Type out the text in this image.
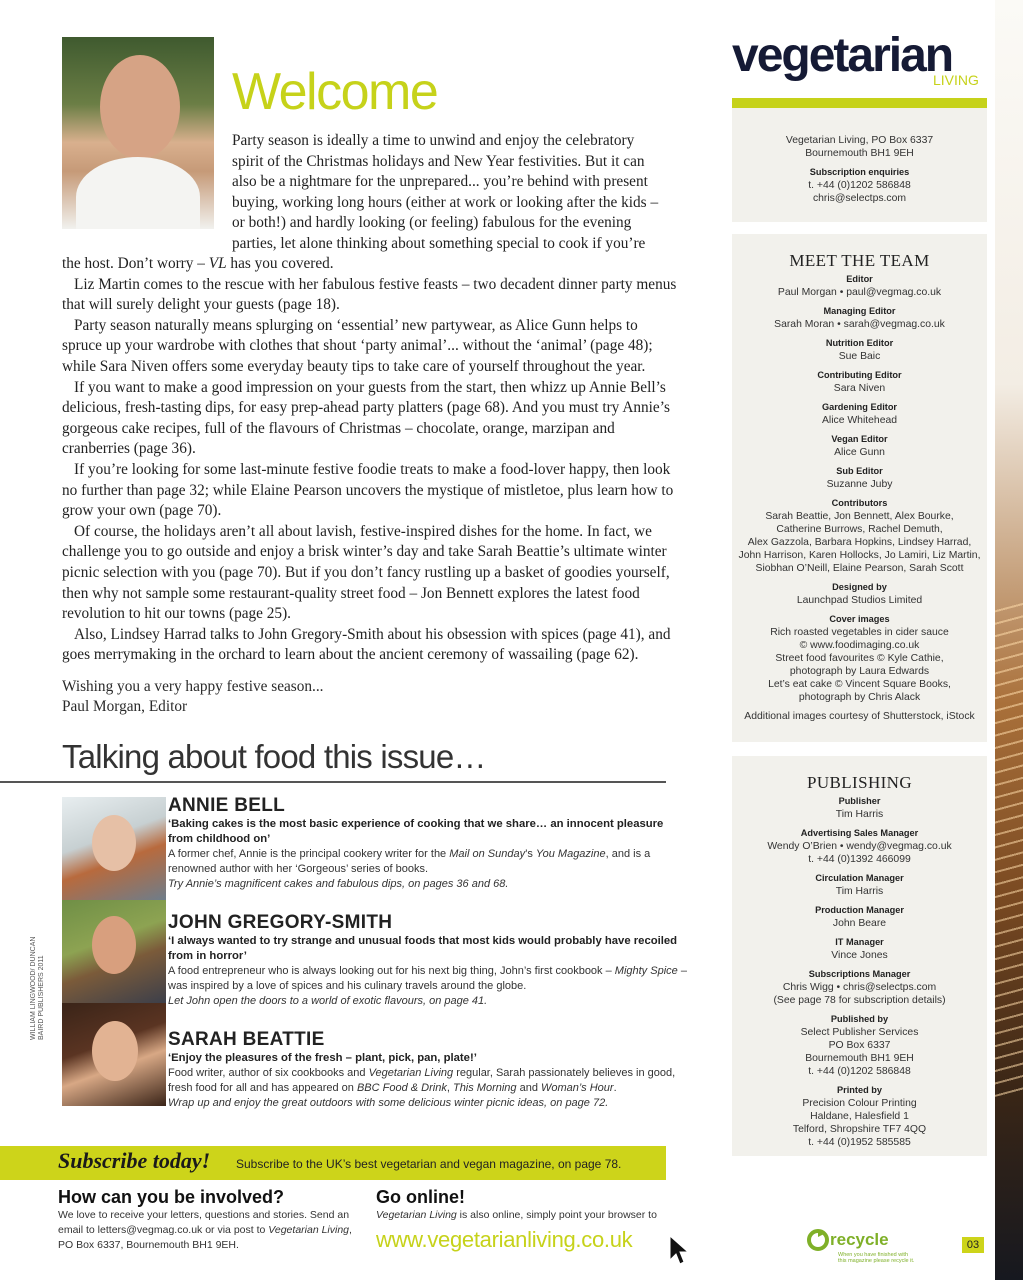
Welcome

Party season is ideally a time to unwind and enjoy the celebratory spirit of the Christmas holidays and New Year festivities. But it can also be a nightmare for the unprepared... you’re behind with present buying, working long hours (either at work or looking after the kids – or both!) and hardly looking (or feeling) fabulous for the evening parties, let alone thinking about something special to cook if you’re

the host. Don’t worry – VL has you covered.

Liz Martin comes to the rescue with her fabulous festive feasts – two decadent dinner party menus that will surely delight your guests (page 18).

Party season naturally means splurging on ‘essential’ new partywear, as Alice Gunn helps to spruce up your wardrobe with clothes that shout ‘party animal’... without the ‘animal’ (page 48); while Sara Niven offers some everyday beauty tips to take care of yourself throughout the year.

If you want to make a good impression on your guests from the start, then whizz up Annie Bell’s delicious, fresh-tasting dips, for easy prep-ahead party platters (page 68). And you must try Annie’s gorgeous cake recipes, full of the flavours of Christmas – chocolate, orange, marzipan and cranberries (page 36).

If you’re looking for some last-minute festive foodie treats to make a food-lover happy, then look no further than page 32; while Elaine Pearson uncovers the mystique of mistletoe, plus learn how to grow your own (page 70).

Of course, the holidays aren’t all about lavish, festive-inspired dishes for the home. In fact, we challenge you to go outside and enjoy a brisk winter’s day and take Sarah Beattie’s ultimate winter picnic selection with you (page 70). But if you don’t fancy rustling up a basket of goodies yourself, then why not sample some restaurant-quality street food – Jon Bennett explores the latest food revolution to hit our towns (page 25).

Also, Lindsey Harrad talks to John Gregory-Smith about his obsession with spices (page 41), and goes merrymaking in the orchard to learn about the ancient ceremony of wassailing (page 62).

Wishing you a very happy festive season...
Paul Morgan, Editor
Talking about food this issue…
WILLIAM LINGWOOD/ DUNCAN BAIRD PUBLISHERS 2011
ANNIE BELL
‘Baking cakes is the most basic experience of cooking that we share… an innocent pleasure from childhood on’
A former chef, Annie is the principal cookery writer for the Mail on Sunday’s You Magazine, and is a renowned author with her ‘Gorgeous’ series of books.
Try Annie’s magnificent cakes and fabulous dips, on pages 36 and 68.
JOHN GREGORY-SMITH
‘I always wanted to try strange and unusual foods that most kids would probably have recoiled from in horror’
A food entrepreneur who is always looking out for his next big thing, John’s first cookbook – Mighty Spice – was inspired by a love of spices and his culinary travels around the globe.
Let John open the doors to a world of exotic flavours, on page 41.
SARAH BEATTIE
‘Enjoy the pleasures of the fresh – plant, pick, pan, plate!’
Food writer, author of six cookbooks and Vegetarian Living regular, Sarah passionately believes in good, fresh food for all and has appeared on BBC Food & Drink, This Morning and Woman’s Hour.
Wrap up and enjoy the great outdoors with some delicious winter picnic ideas, on page 72.
Subscribe today! Subscribe to the UK’s best vegetarian and vegan magazine, on page 78.
How can you be involved?
We love to receive your letters, questions and stories. Send an email to letters@vegmag.co.uk or via post to Vegetarian Living, PO Box 6337, Bournemouth BH1 9EH.
Go online!
Vegetarian Living is also online, simply point your browser to
www.vegetarianliving.co.uk
vegetarian
LIVING
Vegetarian Living, PO Box 6337
Bournemouth BH1 9EH
Subscription enquiries
t. +44 (0)1202 586848
chris@selectps.com
MEET THE TEAM
Editor
Paul Morgan • paul@vegmag.co.uk
Managing Editor
Sarah Moran • sarah@vegmag.co.uk
Nutrition Editor
Sue Baic
Contributing Editor
Sara Niven
Gardening Editor
Alice Whitehead
Vegan Editor
Alice Gunn
Sub Editor
Suzanne Juby
Contributors
Sarah Beattie, Jon Bennett, Alex Bourke,
Catherine Burrows, Rachel Demuth,
Alex Gazzola, Barbara Hopkins, Lindsey Harrad,
John Harrison, Karen Hollocks, Jo Lamiri, Liz Martin,
Siobhan O’Neill, Elaine Pearson, Sarah Scott
Designed by
Launchpad Studios Limited
Cover images
Rich roasted vegetables in cider sauce
© www.foodimaging.co.uk
Street food favourites © Kyle Cathie,
photograph by Laura Edwards
Let’s eat cake © Vincent Square Books,
photograph by Chris Alack
Additional images courtesy of Shutterstock, iStock
PUBLISHING
Publisher
Tim Harris
Advertising Sales Manager
Wendy O’Brien • wendy@vegmag.co.uk
t. +44 (0)1392 466099
Circulation Manager
Tim Harris
Production Manager
John Beare
IT Manager
Vince Jones
Subscriptions Manager
Chris Wigg • chris@selectps.com
(See page 78 for subscription details)
Published by
Select Publisher Services
PO Box 6337
Bournemouth BH1 9EH
t. +44 (0)1202 586848
Printed by
Precision Colour Printing
Haldane, Halesfield 1
Telford, Shropshire TF7 4QQ
t. +44 (0)1952 585585
recycle
When you have finished with
this magazine please recycle it.
03
